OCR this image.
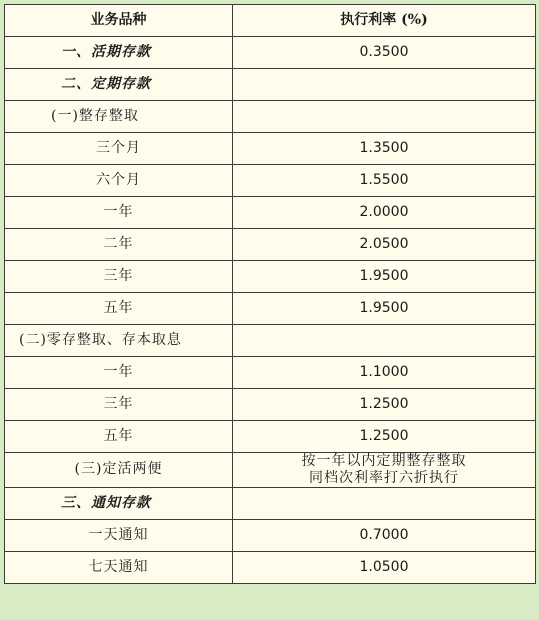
业务品种	执行利率 (%)
一、活期存款	0.3500
二、定期存款	
(一)整存整取	
三个月	1.3500
六个月	1.5500
一年	2.0000
二年	2.0500
三年	1.9500
五年	1.9500
(二)零存整取、存本取息	
一年	1.1000
三年	1.2500
五年	1.2500
(三)定活两便	按一年以内定期整存整取
同档次利率打六折执行

三、通知存款	
一天通知	0.7000
七天通知	1.0500
